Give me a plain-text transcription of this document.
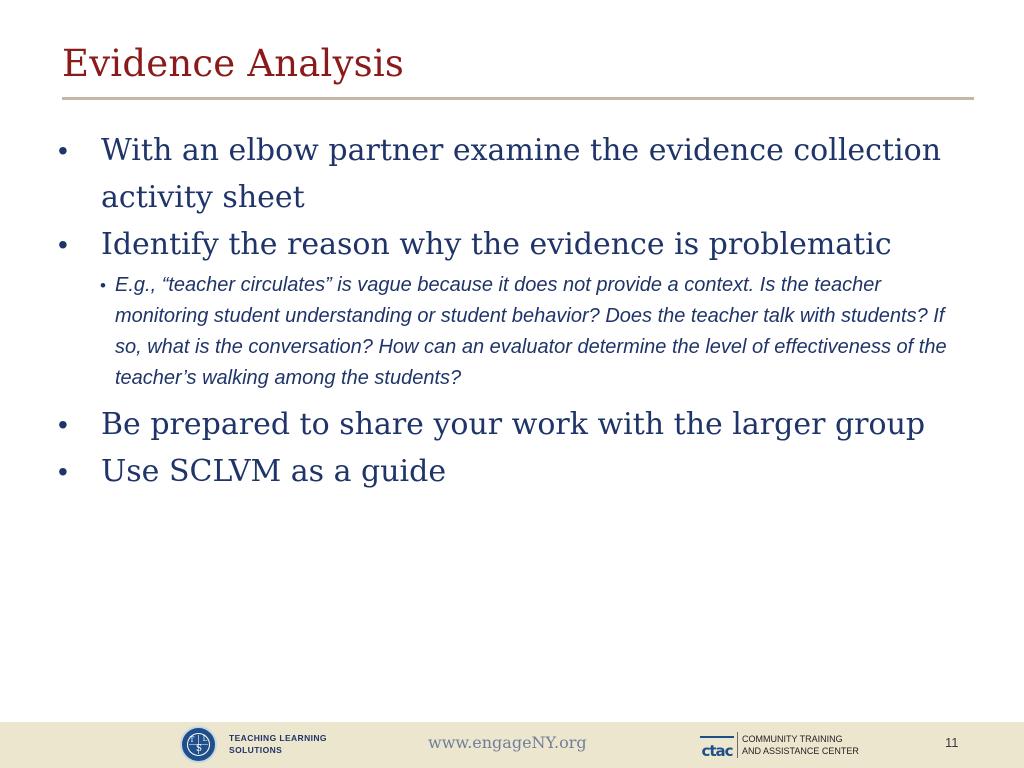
Evidence Analysis
• With an elbow partner examine the evidence collection activity sheet
• Identify the reason why the evidence is problematic
• E.g., “teacher circulates” is vague because it does not provide a context. Is the teacher monitoring student understanding or student behavior? Does the teacher talk with students? If so, what is the conversation? How can an evaluator determine the level of effectiveness of the teacher’s walking among the students?
• Be prepared to share your work with the larger group
• Use SCLVM as a guide
T
S
L	TEACHING LEARNING
SOLUTIONS	www.engageNY.org	ctac
COMMUNITY TRAINING
AND ASSISTANCE CENTER
11
